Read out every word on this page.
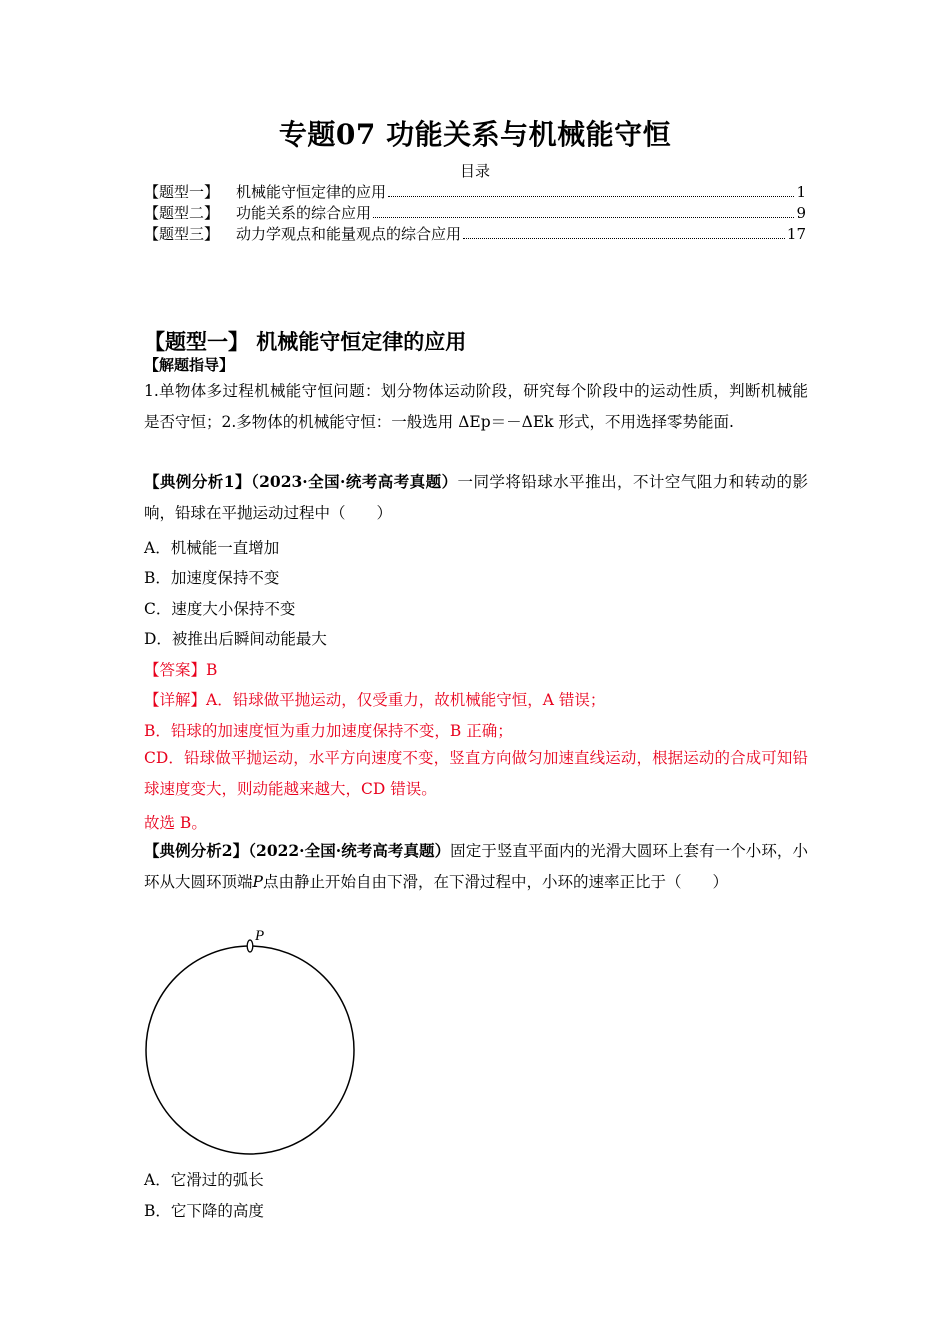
专题07 功能关系与机械能守恒
目录
【题型一】	机械能守恒定律的应用	1
【题型二】	功能关系的综合应用	9
【题型三】	动力学观点和能量观点的综合应用	17
【题型一】 机械能守恒定律的应用
【解题指导】
1.单物体多过程机械能守恒问题：划分物体运动阶段，研究每个阶段中的运动性质，判断机械能是否守恒；2.多物体的机械能守恒：一般选用 ΔEp＝－ΔEk 形式，不用选择零势能面.
【典例分析1】（2023·全国·统考高考真题）一同学将铅球水平推出，不计空气阻力和转动的影响，铅球在平抛运动过程中（　　）
A．机械能一直增加
B．加速度保持不变
C．速度大小保持不变
D．被推出后瞬间动能最大
【答案】B
【详解】A．铅球做平抛运动，仅受重力，故机械能守恒，A 错误；
B．铅球的加速度恒为重力加速度保持不变，B 正确；
CD．铅球做平抛运动，水平方向速度不变，竖直方向做匀加速直线运动，根据运动的合成可知铅球速度变大，则动能越来越大，CD 错误。
故选 B。
【典例分析2】（2022·全国·统考高考真题）固定于竖直平面内的光滑大圆环上套有一个小环，小环从大圆环顶端P点由静止开始自由下滑，在下滑过程中，小环的速率正比于（　　）
P
A．它滑过的弧长
B．它下降的高度
